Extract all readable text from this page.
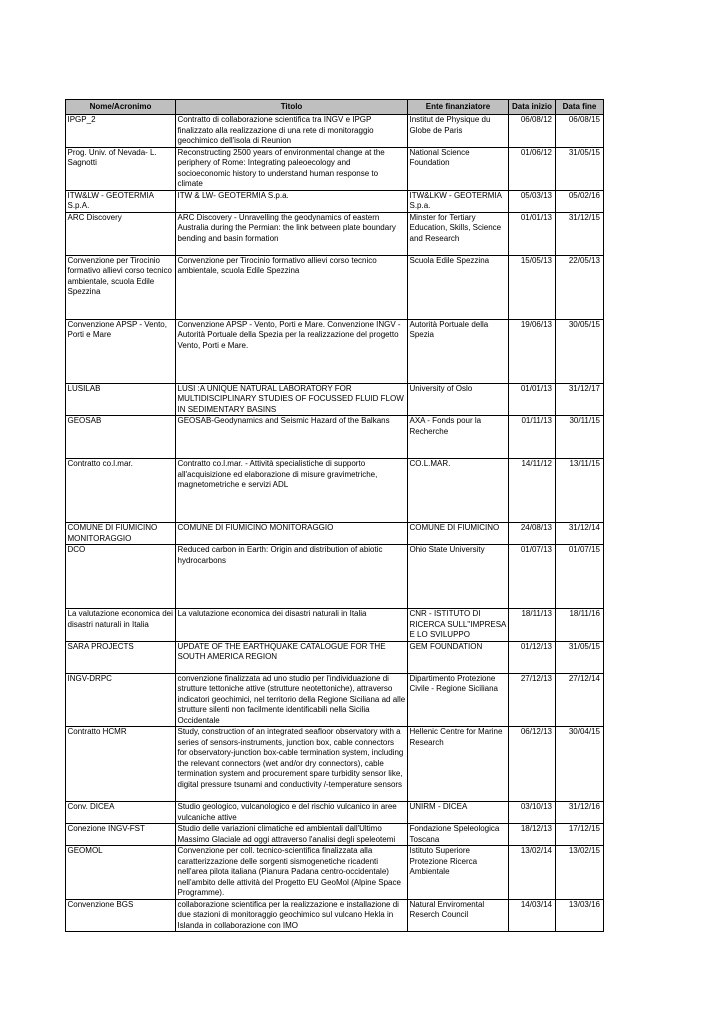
Nome/Acronimo	Titolo	Ente finanziatore	Data inizio	Data fine
IPGP_2	Contratto di collaborazione scientifica tra INGV e IPGP finalizzato alla realizzazione di una rete di monitoraggio geochimico dell'isola di Reunion	Institut de Physique du Globe de Paris	06/08/12	06/08/15
Prog. Univ. of Nevada- L. Sagnotti	Reconstructing 2500 years of environmental change at the periphery of Rome: Integrating paleoecology and socioeconomic history to understand human response to climate	National Science Foundation	01/06/12	31/05/15
ITW&LW - GEOTERMIA S.p.A.	ITW & LW- GEOTERMIA S.p.a.	ITW&LKW - GEOTERMIA S.p.a.	05/03/13	05/02/16
ARC Discovery	ARC Discovery - Unravelling the geodynamics of eastern Australia during the Permian: the link between plate boundary bending and basin formation	Minster for Tertiary Education, Skills, Science and Research	01/01/13	31/12/15
Convenzione per Tirocinio formativo allievi corso tecnico ambientale, scuola Edile Spezzina	Convenzione per Tirocinio formativo allievi corso tecnico ambientale, scuola Edile Spezzina	Scuola Edile Spezzina	15/05/13	22/05/13
Convenzione APSP - Vento, Porti e Mare	Convenzione APSP - Vento, Porti e Mare. Convenzione INGV - Autorità Portuale della Spezia per la realizzazione del progetto Vento, Porti e Mare.	Autorità Portuale della Spezia	19/06/13	30/05/15
LUSILAB	LUSI :A UNIQUE NATURAL LABORATORY FOR MULTIDISCIPLINARY STUDIES OF FOCUSSED FLUID FLOW IN SEDIMENTARY BASINS	University of Oslo	01/01/13	31/12/17
GEOSAB	GEOSAB-Geodynamics and Seismic Hazard of the Balkans	AXA - Fonds pour la Recherche	01/11/13	30/11/15
Contratto co.l.mar.	Contratto co.l.mar. - Attività specialistiche di supporto all'acquisizione ed elaborazione di misure gravimetriche, magnetometriche e servizi ADL	CO.L.MAR.	14/11/12	13/11/15
COMUNE DI FIUMICINO MONITORAGGIO	COMUNE DI FIUMICINO MONITORAGGIO	COMUNE DI FIUMICINO	24/08/13	31/12/14
DCO	Reduced carbon in Earth: Origin and distribution of abiotic hydrocarbons	Ohio State University	01/07/13	01/07/15
La valutazione economica dei disastri naturali in Italia	La valutazione economica dei disastri naturali in Italia	CNR - ISTITUTO DI RICERCA SULL''IMPRESA E LO SVILUPPO	18/11/13	18/11/16
SARA PROJECTS	UPDATE OF THE EARTHQUAKE CATALOGUE FOR THE SOUTH AMERICA REGION	GEM FOUNDATION	01/12/13	31/05/15
INGV-DRPC	convenzione finalizzata ad uno studio per l'individuazione di strutture tettoniche attive (strutture neotettoniche), attraverso indicatori geochimici, nel territorio della Regione Siciliana ad alle strutture silenti non facilmente identificabili nella Sicilia Occidentale	Dipartimento Protezione Civile - Regione Siciliana	27/12/13	27/12/14
Contratto HCMR	Study, construction of an integrated seafloor observatory with a series of sensors-instruments, junction box, cable connectors for observatory-junction box-cable termination system, including the relevant connectors (wet and/or dry connectors), cable termination system and procurement spare turbidity sensor like, digital pressure tsunami and conductivity /-temperature sensors	Hellenic Centre for Marine Research	06/12/13	30/04/15
Conv. DICEA	Studio geologico, vulcanologico e del rischio vulcanico in aree vulcaniche attive	UNIRM - DICEA	03/10/13	31/12/16
Conezione INGV-FST	Studio delle variazioni climatiche ed ambientali dall'Ultimo Massimo Glaciale ad oggi attraverso l'analisi degli speleotemi	Fondazione Speleologica Toscana	18/12/13	17/12/15
GEOMOL	Convenzione per coll. tecnico-scientifica finalizzata alla caratterizzazione delle sorgenti sismogenetiche ricadenti nell'area pilota italiana (Pianura Padana centro-occidentale) nell'ambito delle attività del Progetto EU GeoMol (Alpine Space Programme).	Istituto Superiore Protezione Ricerca Ambientale	13/02/14	13/02/15
Convenzione BGS	collaborazione scientifica per la realizzazione e installazione di due stazioni di monitoraggio geochimico sul vulcano Hekla in Islanda in collaborazione con IMO	Natural Enviromental Reserch Council	14/03/14	13/03/16
